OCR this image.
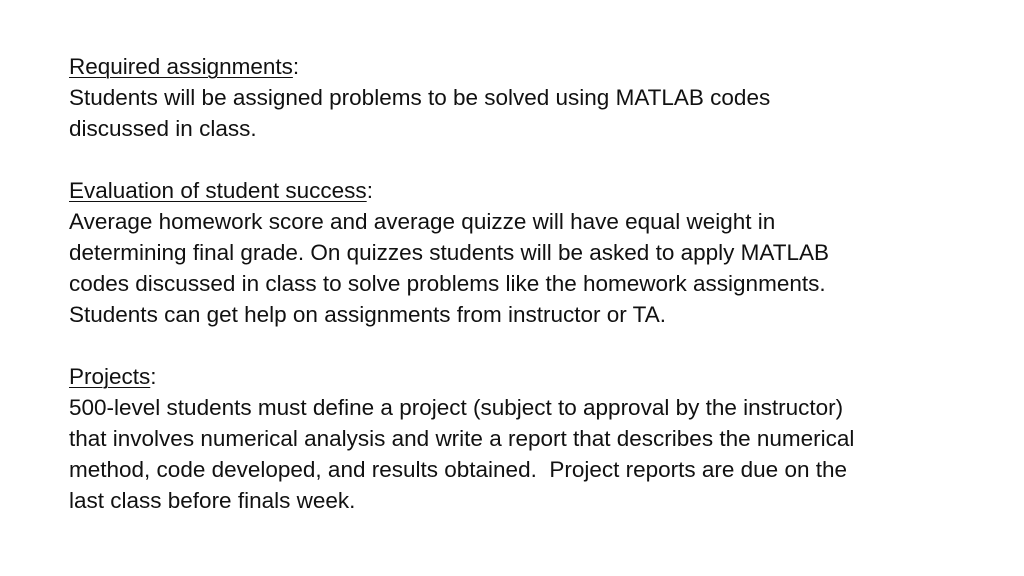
Required assignments:
Students will be assigned problems to be solved using MATLAB codes
discussed in class.
Evaluation of student success:
Average homework score and average quizze will have equal weight in
determining final grade. On quizzes students will be asked to apply MATLAB
codes discussed in class to solve problems like the homework assignments.
Students can get help on assignments from instructor or TA.
Projects:
500-level students must define a project (subject to approval by the instructor)
that involves numerical analysis and write a report that describes the numerical
method, code developed, and results obtained.  Project reports are due on the
last class before finals week.
